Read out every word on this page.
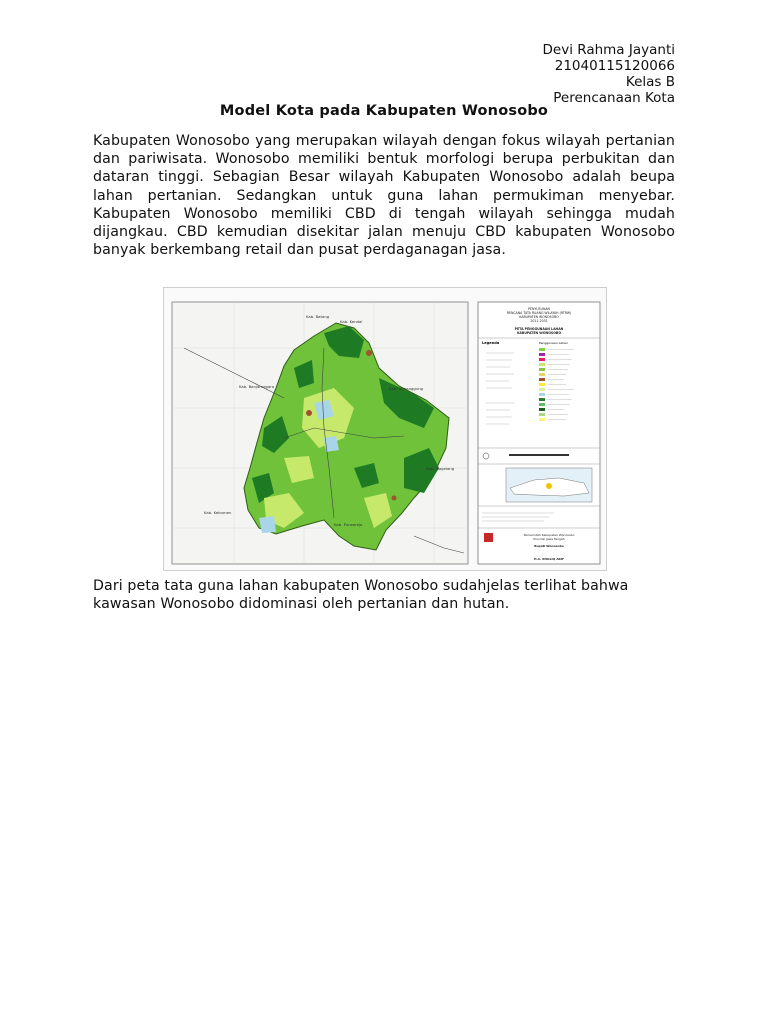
Devi Rahma Jayanti
21040115120066
Kelas B
Perencanaan Kota
Model Kota pada Kabupaten Wonosobo
Kabupaten Wonosobo yang merupakan wilayah dengan fokus wilayah pertanian dan pariwisata. Wonosobo memiliki bentuk morfologi berupa perbukitan dan dataran tinggi. Sebagian Besar wilayah Kabupaten Wonosobo adalah beupa lahan pertanian. Sedangkan untuk guna lahan permukiman menyebar. Kabupaten Wonosobo memiliki CBD di tengah wilayah sehingga mudah dijangkau. CBD kemudian disekitar jalan menuju CBD kabupaten Wonosobo banyak berkembang retail dan pusat perdaganagan jasa.
Kab. Batang
Kab. Kendal
Kab. Banjarnegara	Kab. Temanggung
Kab. Magelang
Kab. Kebumen
Kab. Purworejo
PENYUSUNAN
RENCANA TATA RUANG WILAYAH (RTRW)
KABUPATEN WONOSOBO
2011-2031
PETA PENGGUNAAN LAHAN
KABUPATEN WONOSOBO
Legenda	Penggunaan Lahan
Pemerintah Kabupaten Wonosobo
Provinsi Jawa Tengah
Bupati Wonosobo
H.A. KHOLIQ ARIF
Dari peta tata guna lahan kabupaten Wonosobo sudahjelas terlihat bahwa kawasan Wonosobo didominasi oleh pertanian dan hutan.
